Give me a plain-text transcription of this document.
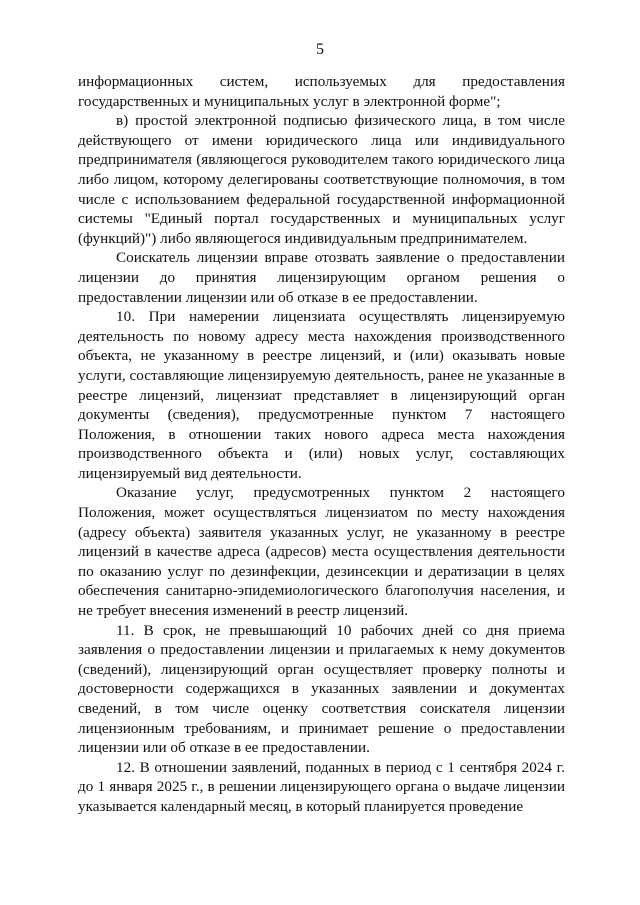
5

информационных систем, используемых для предоставления государственных и муниципальных услуг в электронной форме";

в) простой электронной подписью физического лица, в том числе действующего от имени юридического лица или индивидуального предпринимателя (являющегося руководителем такого юридического лица либо лицом, которому делегированы соответствующие полномочия, в том числе с использованием федеральной государственной информационной системы "Единый портал государственных и муниципальных услуг (функций)") либо являющегося индивидуальным предпринимателем.

Соискатель лицензии вправе отозвать заявление о предоставлении лицензии до принятия лицензирующим органом решения о предоставлении лицензии или об отказе в ее предоставлении.

10. При намерении лицензиата осуществлять лицензируемую деятельность по новому адресу места нахождения производственного объекта, не указанному в реестре лицензий, и (или) оказывать новые услуги, составляющие лицензируемую деятельность, ранее не указанные в реестре лицензий, лицензиат представляет в лицензирующий орган документы (сведения), предусмотренные пунктом 7 настоящего Положения, в отношении таких нового адреса места нахождения производственного объекта и (или) новых услуг, составляющих лицензируемый вид деятельности.

Оказание услуг, предусмотренных пунктом 2 настоящего Положения, может осуществляться лицензиатом по месту нахождения (адресу объекта) заявителя указанных услуг, не указанному в реестре лицензий в качестве адреса (адресов) места осуществления деятельности по оказанию услуг по дезинфекции, дезинсекции и дератизации в целях обеспечения санитарно-эпидемиологического благополучия населения, и не требует внесения изменений в реестр лицензий.

11. В срок, не превышающий 10 рабочих дней со дня приема заявления о предоставлении лицензии и прилагаемых к нему документов (сведений), лицензирующий орган осуществляет проверку полноты и достоверности содержащихся в указанных заявлении и документах сведений, в том числе оценку соответствия соискателя лицензии лицензионным требованиям, и принимает решение о предоставлении лицензии или об отказе в ее предоставлении.

12. В отношении заявлений, поданных в период с 1 сентября 2024 г. до 1 января 2025 г., в решении лицензирующего органа о выдаче лицензии указывается календарный месяц, в который планируется проведение
